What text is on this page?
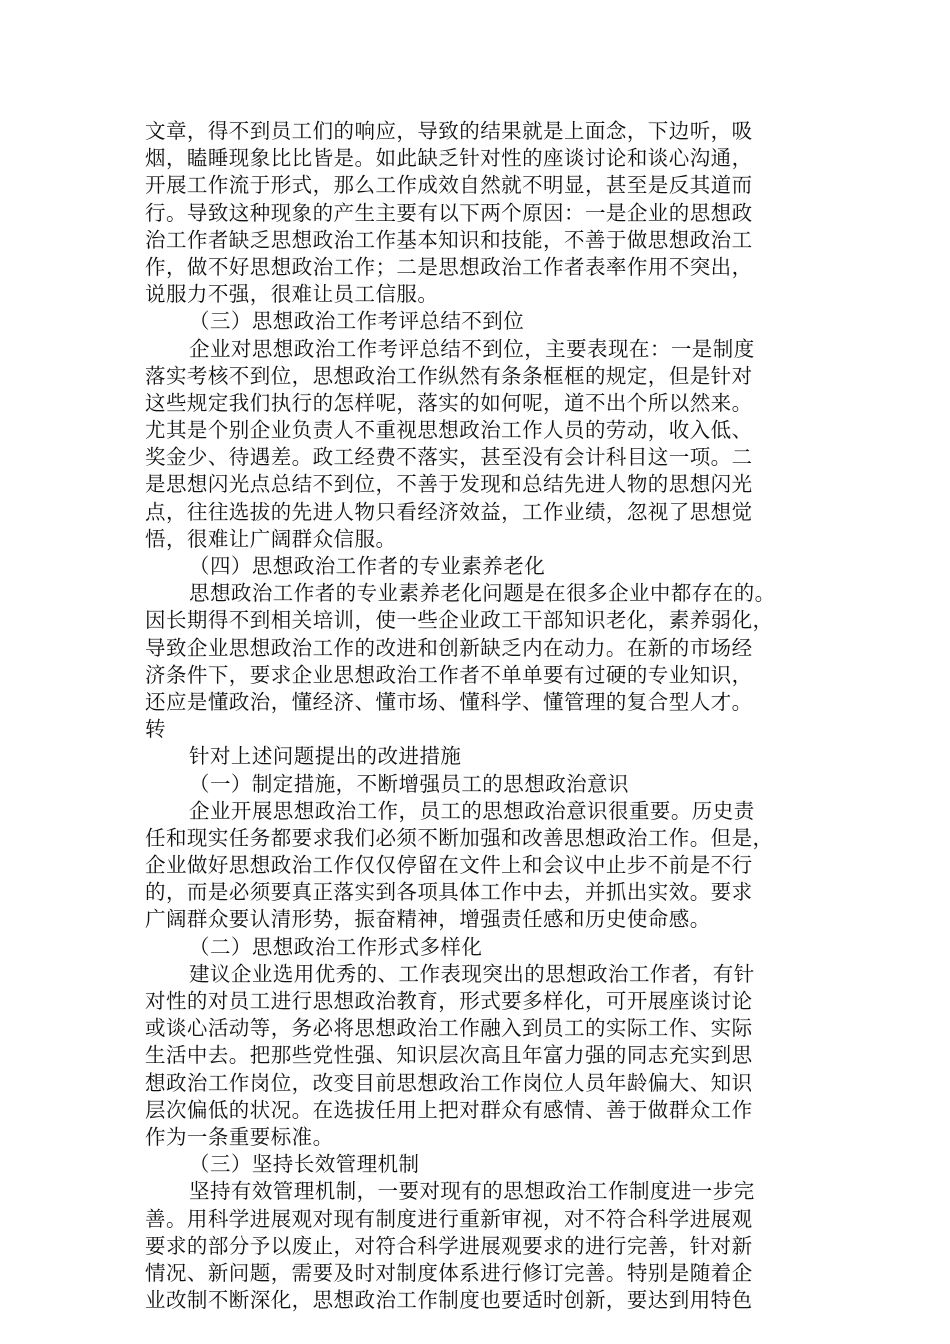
文章，得不到员工们的响应，导致的结果就是上面念，下边听，吸
烟，瞌睡现象比比皆是。如此缺乏针对性的座谈讨论和谈心沟通，
开展工作流于形式，那么工作成效自然就不明显，甚至是反其道而
行。导致这种现象的产生主要有以下两个原因：一是企业的思想政
治工作者缺乏思想政治工作基本知识和技能，不善于做思想政治工
作，做不好思想政治工作；二是思想政治工作者表率作用不突出，
说服力不强，很难让员工信服。
（三）思想政治工作考评总结不到位
企业对思想政治工作考评总结不到位，主要表现在：一是制度
落实考核不到位，思想政治工作纵然有条条框框的规定，但是针对
这些规定我们执行的怎样呢，落实的如何呢，道不出个所以然来。
尤其是个别企业负责人不重视思想政治工作人员的劳动，收入低、
奖金少、待遇差。政工经费不落实，甚至没有会计科目这一项。二
是思想闪光点总结不到位，不善于发现和总结先进人物的思想闪光
点，往往选拔的先进人物只看经济效益，工作业绩，忽视了思想觉
悟，很难让广阔群众信服。
（四）思想政治工作者的专业素养老化
思想政治工作者的专业素养老化问题是在很多企业中都存在的。
因长期得不到相关培训，使一些企业政工干部知识老化，素养弱化，
导致企业思想政治工作的改进和创新缺乏内在动力。在新的市场经
济条件下，要求企业思想政治工作者不单单要有过硬的专业知识，
还应是懂政治，懂经济、懂市场、懂科学、懂管理的复合型人才。
转
针对上述问题提出的改进措施
（一）制定措施，不断增强员工的思想政治意识
企业开展思想政治工作，员工的思想政治意识很重要。历史责
任和现实任务都要求我们必须不断加强和改善思想政治工作。但是，
企业做好思想政治工作仅仅停留在文件上和会议中止步不前是不行
的，而是必须要真正落实到各项具体工作中去，并抓出实效。要求
广阔群众要认清形势，振奋精神，增强责任感和历史使命感。
（二）思想政治工作形式多样化
建议企业选用优秀的、工作表现突出的思想政治工作者，有针
对性的对员工进行思想政治教育，形式要多样化，可开展座谈讨论
或谈心活动等，务必将思想政治工作融入到员工的实际工作、实际
生活中去。把那些党性强、知识层次高且年富力强的同志充实到思
想政治工作岗位，改变目前思想政治工作岗位人员年龄偏大、知识
层次偏低的状况。在选拔任用上把对群众有感情、善于做群众工作
作为一条重要标准。
（三）坚持长效管理机制
坚持有效管理机制，一要对现有的思想政治工作制度进一步完
善。用科学进展观对现有制度进行重新审视，对不符合科学进展观
要求的部分予以废止，对符合科学进展观要求的进行完善，针对新
情况、新问题，需要及时对制度体系进行修订完善。特别是随着企
业改制不断深化，思想政治工作制度也要适时创新，要达到用特色
